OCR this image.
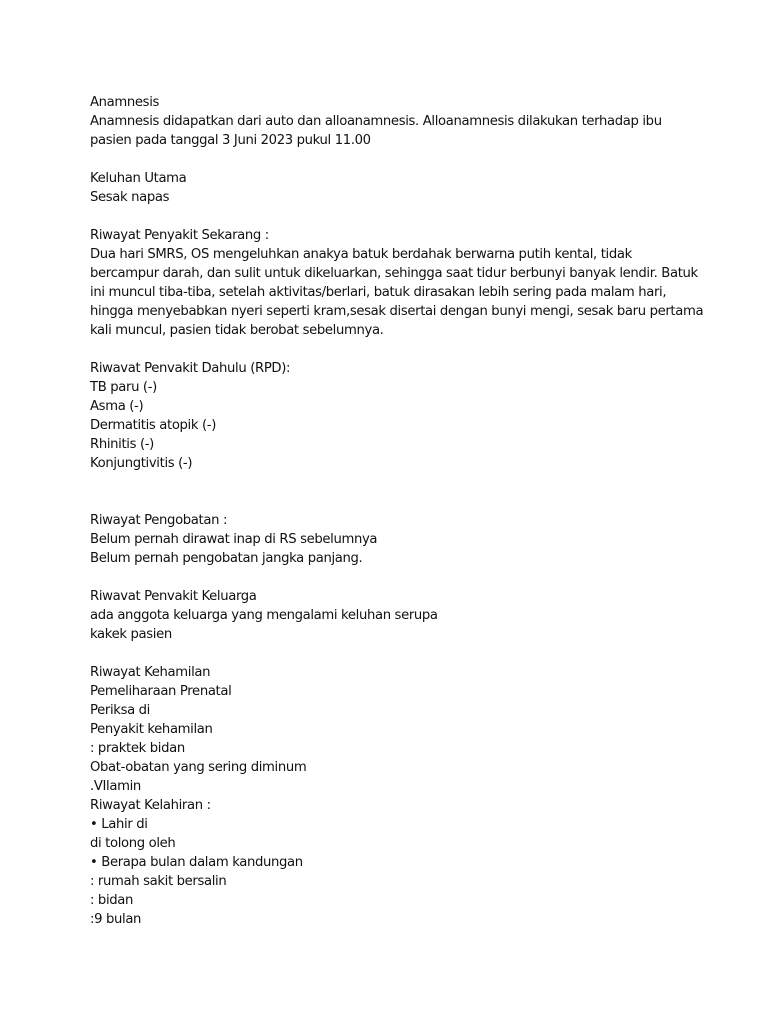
Anamnesis
Anamnesis didapatkan dari auto dan alloanamnesis. Alloanamnesis dilakukan terhadap ibu
pasien pada tanggal 3 Juni 2023 pukul 11.00
Keluhan Utama
Sesak napas
Riwayat Penyakit Sekarang :
Dua hari SMRS, OS mengeluhkan anakya batuk berdahak berwarna putih kental, tidak
bercampur darah, dan sulit untuk dikeluarkan, sehingga saat tidur berbunyi banyak lendir. Batuk
ini muncul tiba-tiba, setelah aktivitas/berlari, batuk dirasakan lebih sering pada malam hari,
hingga menyebabkan nyeri seperti kram,sesak disertai dengan bunyi mengi, sesak baru pertama
kali muncul, pasien tidak berobat sebelumnya.
Riwavat Penvakit Dahulu (RPD):
TB paru (-)
Asma (-)
Dermatitis atopik (-)
Rhinitis (-)
Konjungtivitis (-)
Riwayat Pengobatan :
Belum pernah dirawat inap di RS sebelumnya
Belum pernah pengobatan jangka panjang.
Riwavat Penvakit Keluarga
ada anggota keluarga yang mengalami keluhan serupa
kakek pasien
Riwayat Kehamilan
Pemeliharaan Prenatal
Periksa di
Penyakit kehamilan
: praktek bidan
Obat-obatan yang sering diminum
.VIlamin
Riwayat Kelahiran :
• Lahir di
di tolong oleh
• Berapa bulan dalam kandungan
: rumah sakit bersalin
: bidan
:9 bulan
